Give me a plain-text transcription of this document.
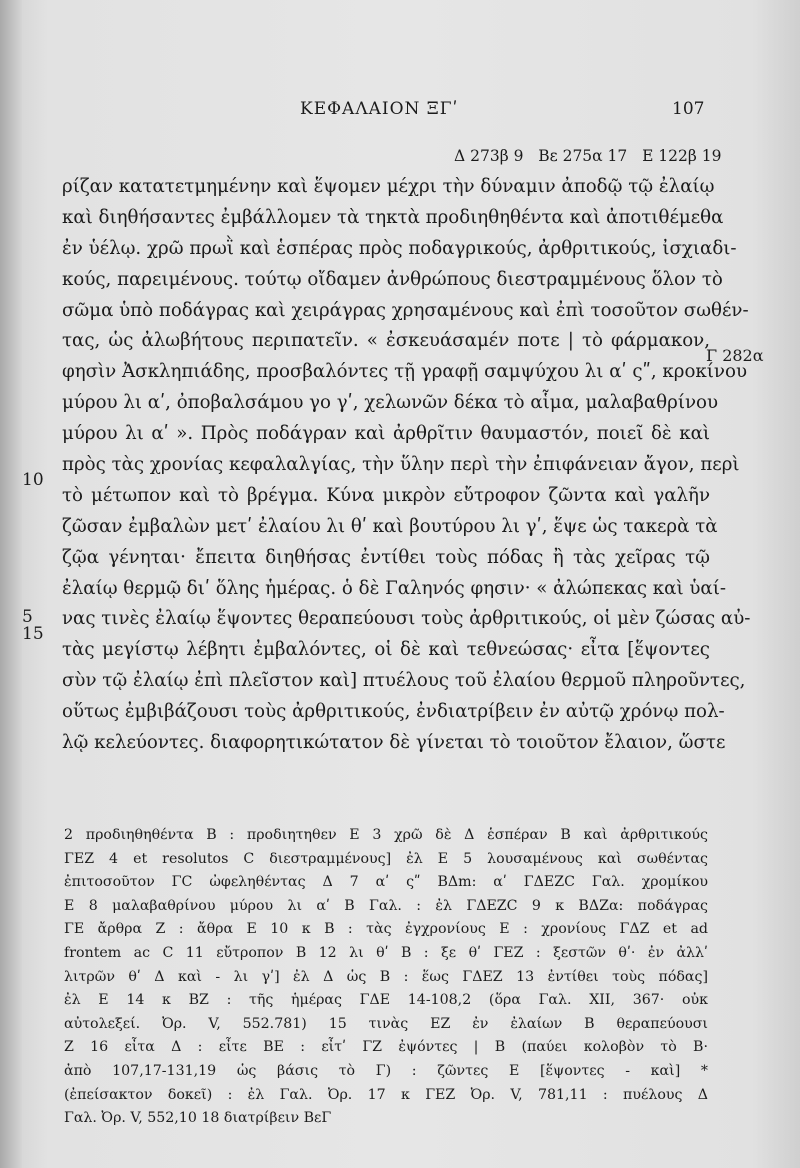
ΚΕΦΑΛΑΙΟΝ ΞΓʹ	107
Δ 273β 9   Bε 275α 17   E 122β 19
5
10
15
Γ 282α
ρίζαν κατατετμημένην καὶ ἕψομεν μέχρι τὴν δύναμιν ἀποδῷ τῷ ἐλαίῳ
καὶ διηθήσαντες ἐμβάλλομεν τὰ τηκτὰ προδιηθηθέντα καὶ ἀποτιθέμεθα
ἐν ὑέλῳ. χρῶ πρωῒ καὶ ἑσπέρας πρὸς ποδαγρικούς, ἀρθριτικούς, ἰσχιαδι-
κούς, παρειμένους. τούτῳ οἴδαμεν ἀνθρώπους διεστραμμένους ὅλον τὸ
σῶμα ὑπὸ ποδάγρας καὶ χειράγρας χρησαμένους καὶ ἐπὶ τοσοῦτον σωθέν-
τας, ὡς ἀλωβήτους περιπατεῖν. « ἐσκευάσαμέν ποτε | τὸ φάρμακον,
φησὶν Ἀσκληπιάδης, προσβαλόντες τῇ γραφῇ σαμψύχου λι αʹ ςʺ, κροκίνου
μύρου λι αʹ, ὀποβαλσάμου γο γʹ, χελωνῶν δέκα τὸ αἷμα, μαλαβαθρίνου
μύρου λι αʹ ». Πρὸς ποδάγραν καὶ ἀρθρῖτιν θαυμαστόν, ποιεῖ δὲ καὶ
πρὸς τὰς χρονίας κεφαλαλγίας, τὴν ὕλην περὶ τὴν ἐπιφάνειαν ἄγον, περὶ
τὸ μέτωπον καὶ τὸ βρέγμα. Κύνα μικρὸν εὔτροφον ζῶντα καὶ γαλῆν
ζῶσαν ἐμβαλὼν μετʹ ἐλαίου λι θʹ καὶ βουτύρου λι γʹ, ἕψε ὡς τακερὰ τὰ
ζῷα γένηται· ἔπειτα διηθήσας ἐντίθει τοὺς πόδας ἢ τὰς χεῖρας τῷ
ἐλαίῳ θερμῷ διʹ ὅλης ἡμέρας. ὁ δὲ Γαληνός φησιν· « ἀλώπεκας καὶ ὑαί-
νας τινὲς ἐλαίῳ ἕψοντες θεραπεύουσι τοὺς ἀρθριτικούς, οἱ μὲν ζώσας αὐ-
τὰς μεγίστῳ λέβητι ἐμβαλόντες, οἱ δὲ καὶ τεθνεώσας· εἶτα [ἕψοντες
σὺν τῷ ἐλαίῳ ἐπὶ πλεῖστον καὶ] πτυέλους τοῦ ἐλαίου θερμοῦ πληροῦντες,
οὕτως ἐμβιβάζουσι τοὺς ἀρθριτικούς, ἐνδιατρίβειν ἐν αὐτῷ χρόνῳ πολ-
λῷ κελεύοντες. διαφορητικώτατον δὲ γίνεται τὸ τοιοῦτον ἔλαιον, ὥστε
2 προδιηθηθέντα B : προδιητηθεν Ε 3 χρῶ δὲ Δ ἑσπέραν B καὶ ἀρθριτικούς
ΓΕΖ 4 et resolutos C διεστραμμένους] ἐλ Ε 5 λουσαμένους καὶ σωθέντας
ἐπιτοσοῦτον ΓC ὠφεληθέντας Δ 7 αʹ ςʺ BΔm: αʹ ΓΔΕΖC Γαλ. χρομίκου
Ε 8 μαλαβαθρίνου μύρου λι αʹ B Γαλ. : ἐλ ΓΔΕΖC 9 κ BΔZα: ποδάγρας
ΓΕ ἄρθρα Ζ : ἄθρα Ε 10 κ B : τὰς ἐγχρονίους Ε : χρονίους ΓΔΖ et ad
frontem ac C 11 εὔτροπον B 12 λι θʹ B : ξε θʹ ΓΕΖ : ξεστῶν θʹ· ἐν ἀλλʹ
λιτρῶν θʹ Δ καὶ - λι γʹ] ἐλ Δ ὡς B : ἕως ΓΔΕΖ 13 ἐντίθει τοὺς πόδας]
ἐλ Ε 14 κ BZ : τῆς ἡμέρας ΓΔΕ 14-108,2 (ὅρα Γαλ. XII, 367· οὐκ
αὐτολεξεί. Ὀρ. V, 552.781) 15 τινὰς ΕΖ ἐν ἐλαίων B θεραπεύουσι
Ζ 16 εἶτα Δ : εἶτε ΒΕ : εἶτʹ ΓΖ ἐψόντες | B (παύει κολοβὸν τὸ B·
ἀπὸ 107,17-131,19 ὡς βάσις τὸ Γ) : ζῶντες Ε [ἕψοντες - καὶ] *
(ἐπείσακτον δοκεῖ) : ἐλ Γαλ. Ὀρ. 17 κ ΓΕΖ Ὀρ. V, 781,11 : πυέλους Δ
Γαλ. Ὀρ. V, 552,10 18 διατρίβειν BεΓ
